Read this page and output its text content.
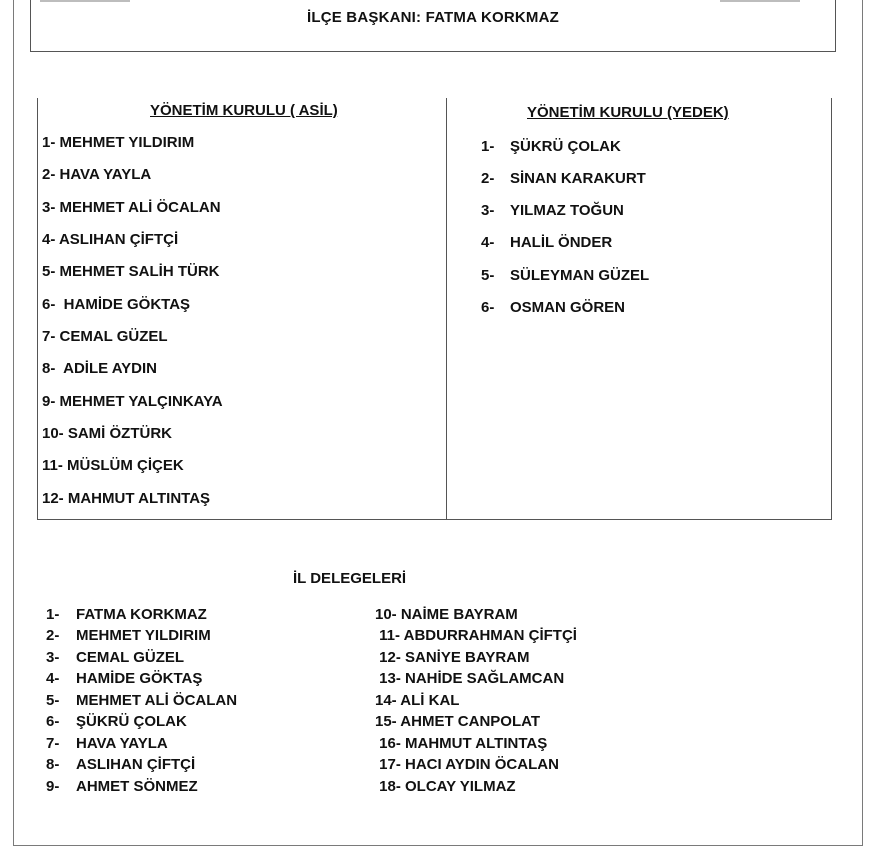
İLÇE BAŞKANI: FATMA KORKMAZ
YÖNETİM KURULU ( ASİL)	YÖNETİM KURULU (YEDEK)
1- MEHMET YILDIRIM
2- HAVA YAYLA
3- MEHMET ALİ ÖCALAN
4- ASLIHAN ÇİFTÇİ
5- MEHMET SALİH TÜRK
6-  HAMİDE GÖKTAŞ
7- CEMAL GÜZEL
8-  ADİLE AYDIN
9- MEHMET YALÇINKAYA
10- SAMİ ÖZTÜRK
11- MÜSLÜM ÇİÇEK
12- MAHMUT ALTINTAŞ
1- ŞÜKRÜ ÇOLAK
2- SİNAN KARAKURT
3- YILMAZ TOĞUN
4- HALİL ÖNDER
5- SÜLEYMAN GÜZEL
6- OSMAN GÖREN
İL DELEGELERİ
1- FATMA KORKMAZ
2- MEHMET YILDIRIM
3- CEMAL GÜZEL
4- HAMİDE GÖKTAŞ
5- MEHMET ALİ ÖCALAN
6- ŞÜKRÜ ÇOLAK
7- HAVA YAYLA
8- ASLIHAN ÇİFTÇİ
9- AHMET SÖNMEZ
10- NAİME BAYRAM
11- ABDURRAHMAN ÇİFTÇİ
12- SANİYE BAYRAM
13- NAHİDE SAĞLAMCAN
14- ALİ KAL
15- AHMET CANPOLAT
16- MAHMUT ALTINTAŞ
17- HACI AYDIN ÖCALAN
18- OLCAY YILMAZ
